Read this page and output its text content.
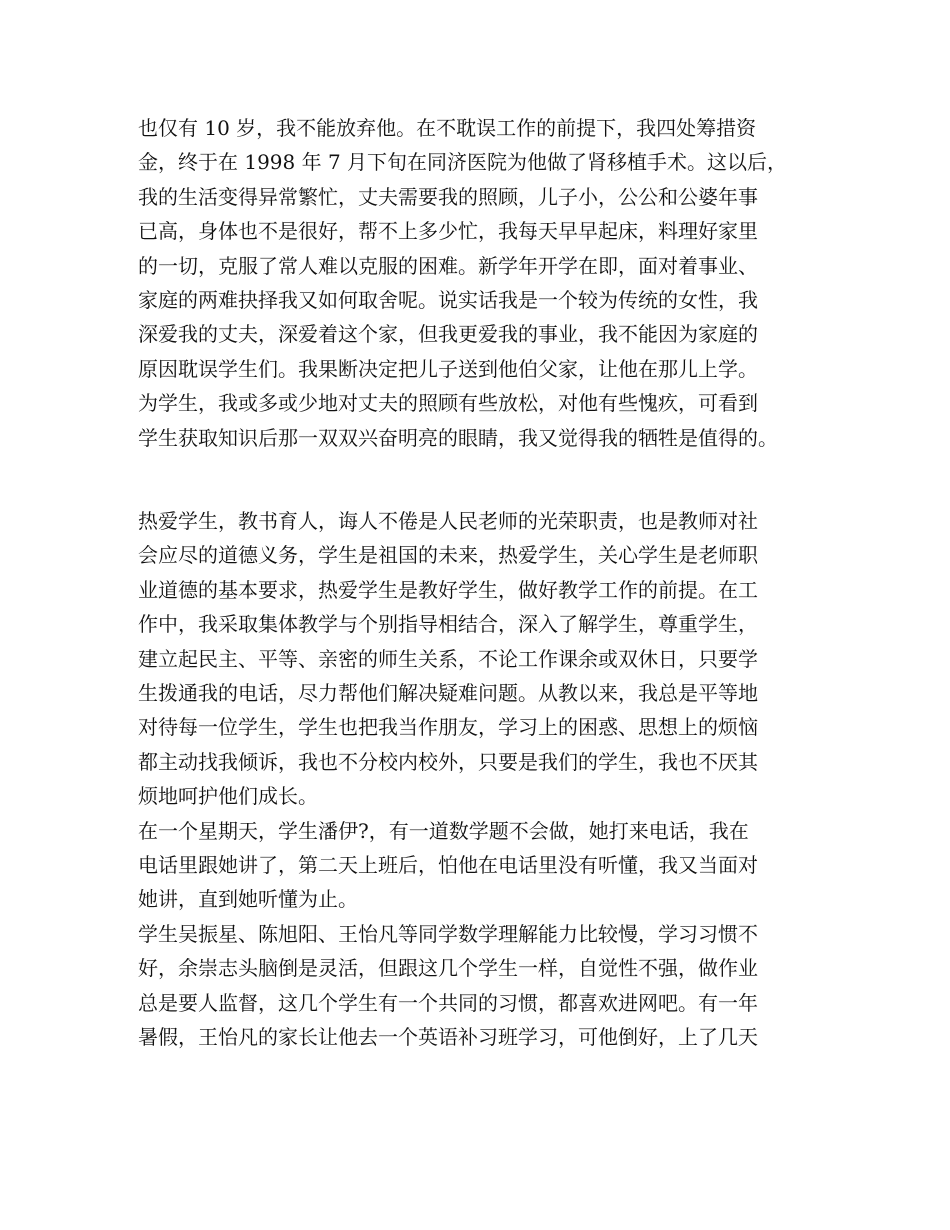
也仅有 10 岁，我不能放弃他。在不耽误工作的前提下，我四处筹措资
金，终于在 1998 年 7 月下旬在同济医院为他做了肾移植手术。这以后，
我的生活变得异常繁忙，丈夫需要我的照顾，儿子小，公公和公婆年事
已高，身体也不是很好，帮不上多少忙，我每天早早起床，料理好家里
的一切，克服了常人难以克服的困难。新学年开学在即，面对着事业、
家庭的两难抉择我又如何取舍呢。说实话我是一个较为传统的女性，我
深爱我的丈夫，深爱着这个家，但我更爱我的事业，我不能因为家庭的
原因耽误学生们。我果断决定把儿子送到他伯父家，让他在那儿上学。
为学生，我或多或少地对丈夫的照顾有些放松，对他有些愧疚，可看到
学生获取知识后那一双双兴奋明亮的眼睛，我又觉得我的牺牲是值得的。
热爱学生，教书育人，诲人不倦是人民老师的光荣职责，也是教师对社
会应尽的道德义务，学生是祖国的未来，热爱学生，关心学生是老师职
业道德的基本要求，热爱学生是教好学生，做好教学工作的前提。在工
作中，我采取集体教学与个别指导相结合，深入了解学生，尊重学生，
建立起民主、平等、亲密的师生关系，不论工作课余或双休日，只要学
生拨通我的电话，尽力帮他们解决疑难问题。从教以来，我总是平等地
对待每一位学生，学生也把我当作朋友，学习上的困惑、思想上的烦恼
都主动找我倾诉，我也不分校内校外，只要是我们的学生，我也不厌其
烦地呵护他们成长。
在一个星期天，学生潘伊?，有一道数学题不会做，她打来电话，我在
电话里跟她讲了，第二天上班后，怕他在电话里没有听懂，我又当面对
她讲，直到她听懂为止。
学生吴振星、陈旭阳、王怡凡等同学数学理解能力比较慢，学习习惯不
好，余崇志头脑倒是灵活，但跟这几个学生一样，自觉性不强，做作业
总是要人监督，这几个学生有一个共同的习惯，都喜欢进网吧。有一年
暑假，王怡凡的家长让他去一个英语补习班学习，可他倒好，上了几天
